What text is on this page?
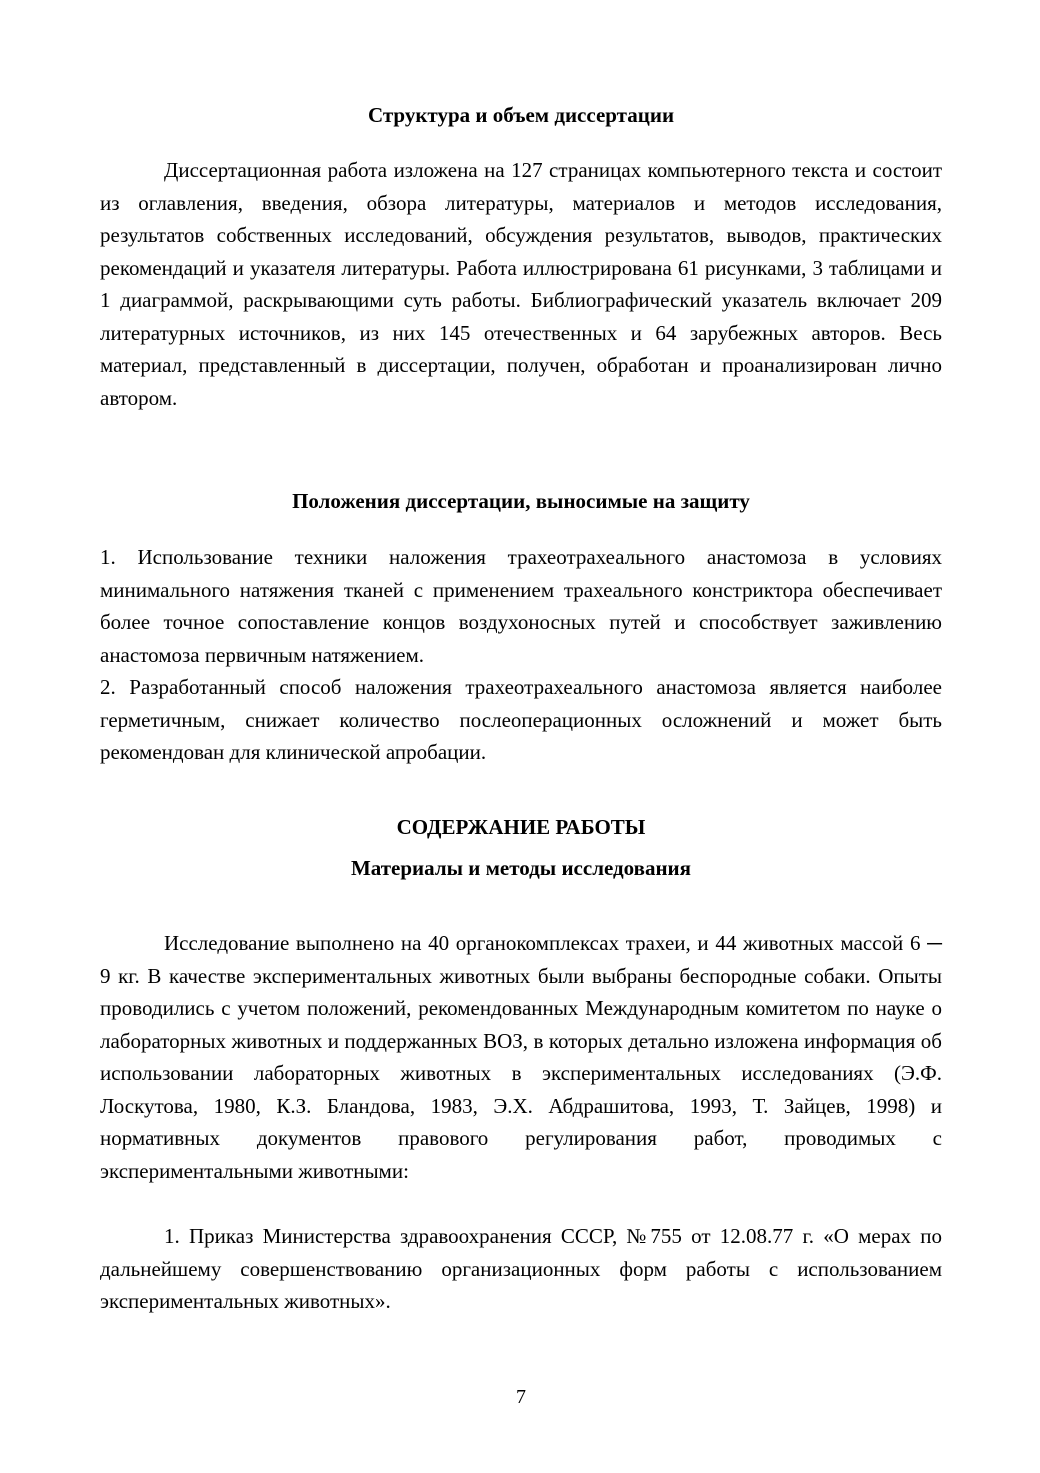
Структура и объем диссертации

Диссертационная работа изложена на 127 страницах компьютерного текста и состоит из оглавления, введения, обзора литературы, материалов и методов исследования, результатов собственных исследований, обсуждения результатов, выводов, практических рекомендаций и указателя литературы. Работа иллюстрирована 61 рисунками, 3 таблицами и 1 диаграммой, раскрывающими суть работы. Библиографический указатель включает 209 литературных источников, из них 145 отечественных и 64 зарубежных авторов. Весь материал, представленный в диссертации, получен, обработан и проанализирован лично автором.

Положения диссертации, выносимые на защиту

1. Использование техники наложения трахеотрахеального анастомоза в условиях минимального натяжения тканей с применением трахеального констриктора обеспечивает более точное сопоставление концов воздухоносных путей и способствует заживлению анастомоза первичным натяжением.

2. Разработанный способ наложения трахеотрахеального анастомоза является наиболее герметичным, снижает количество послеоперационных осложнений и может быть рекомендован для клинической апробации.

СОДЕРЖАНИЕ РАБОТЫ
Материалы и методы исследования

Исследование выполнено на 40 органокомплексах трахеи, и 44 животных массой 6 ─ 9 кг. В качестве экспериментальных животных были выбраны беспородные собаки. Опыты проводились с учетом положений, рекомендованных Международным комитетом по науке о лабораторных животных и поддержанных ВОЗ, в которых детально изложена информация об использовании лабораторных животных в экспериментальных исследованиях (Э.Ф. Лоскутова, 1980, К.З. Бландова, 1983, Э.Х. Абдрашитова, 1993, Т. Зайцев, 1998) и нормативных документов правового регулирования работ, проводимых с экспериментальными животными:

1. Приказ Министерства здравоохранения СССР, №755 от 12.08.77 г. «О мерах по дальнейшему совершенствованию организационных форм работы с использованием экспериментальных животных».

7
